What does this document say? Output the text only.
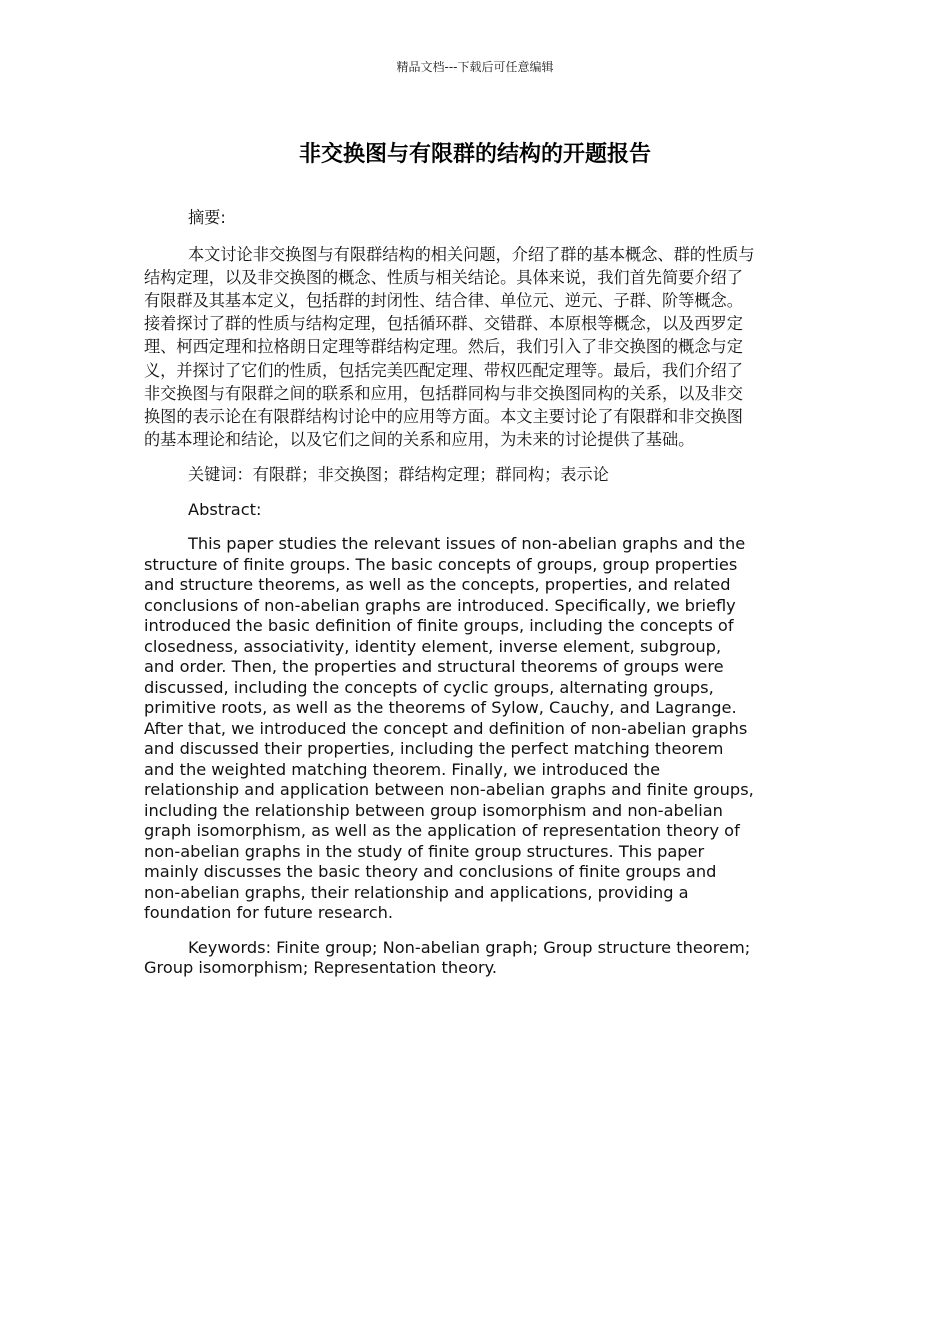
精品文档---下载后可任意编辑
非交换图与有限群的结构的开题报告

摘要:

本文讨论非交换图与有限群结构的相关问题，介绍了群的基本概念、群的性质与
结构定理，以及非交换图的概念、性质与相关结论。具体来说，我们首先简要介绍了
有限群及其基本定义，包括群的封闭性、结合律、单位元、逆元、子群、阶等概念。
接着探讨了群的性质与结构定理，包括循环群、交错群、本原根等概念，以及西罗定
理、柯西定理和拉格朗日定理等群结构定理。然后，我们引入了非交换图的概念与定
义，并探讨了它们的性质，包括完美匹配定理、带权匹配定理等。最后，我们介绍了
非交换图与有限群之间的联系和应用，包括群同构与非交换图同构的关系，以及非交
换图的表示论在有限群结构讨论中的应用等方面。本文主要讨论了有限群和非交换图
的基本理论和结论，以及它们之间的关系和应用，为未来的讨论提供了基础。

关键词：有限群；非交换图；群结构定理；群同构；表示论

Abstract:

This paper studies the relevant issues of non-abelian graphs and the
structure of finite groups. The basic concepts of groups, group properties
and structure theorems, as well as the concepts, properties, and related
conclusions of non-abelian graphs are introduced. Specifically, we briefly
introduced the basic definition of finite groups, including the concepts of
closedness, associativity, identity element, inverse element, subgroup,
and order. Then, the properties and structural theorems of groups were
discussed, including the concepts of cyclic groups, alternating groups,
primitive roots, as well as the theorems of Sylow, Cauchy, and Lagrange.
After that, we introduced the concept and definition of non-abelian graphs
and discussed their properties, including the perfect matching theorem
and the weighted matching theorem. Finally, we introduced the
relationship and application between non-abelian graphs and finite groups,
including the relationship between group isomorphism and non-abelian
graph isomorphism, as well as the application of representation theory of
non-abelian graphs in the study of finite group structures. This paper
mainly discusses the basic theory and conclusions of finite groups and
non-abelian graphs, their relationship and applications, providing a
foundation for future research.
Keywords: Finite group; Non-abelian graph; Group structure theorem;
Group isomorphism; Representation theory.
